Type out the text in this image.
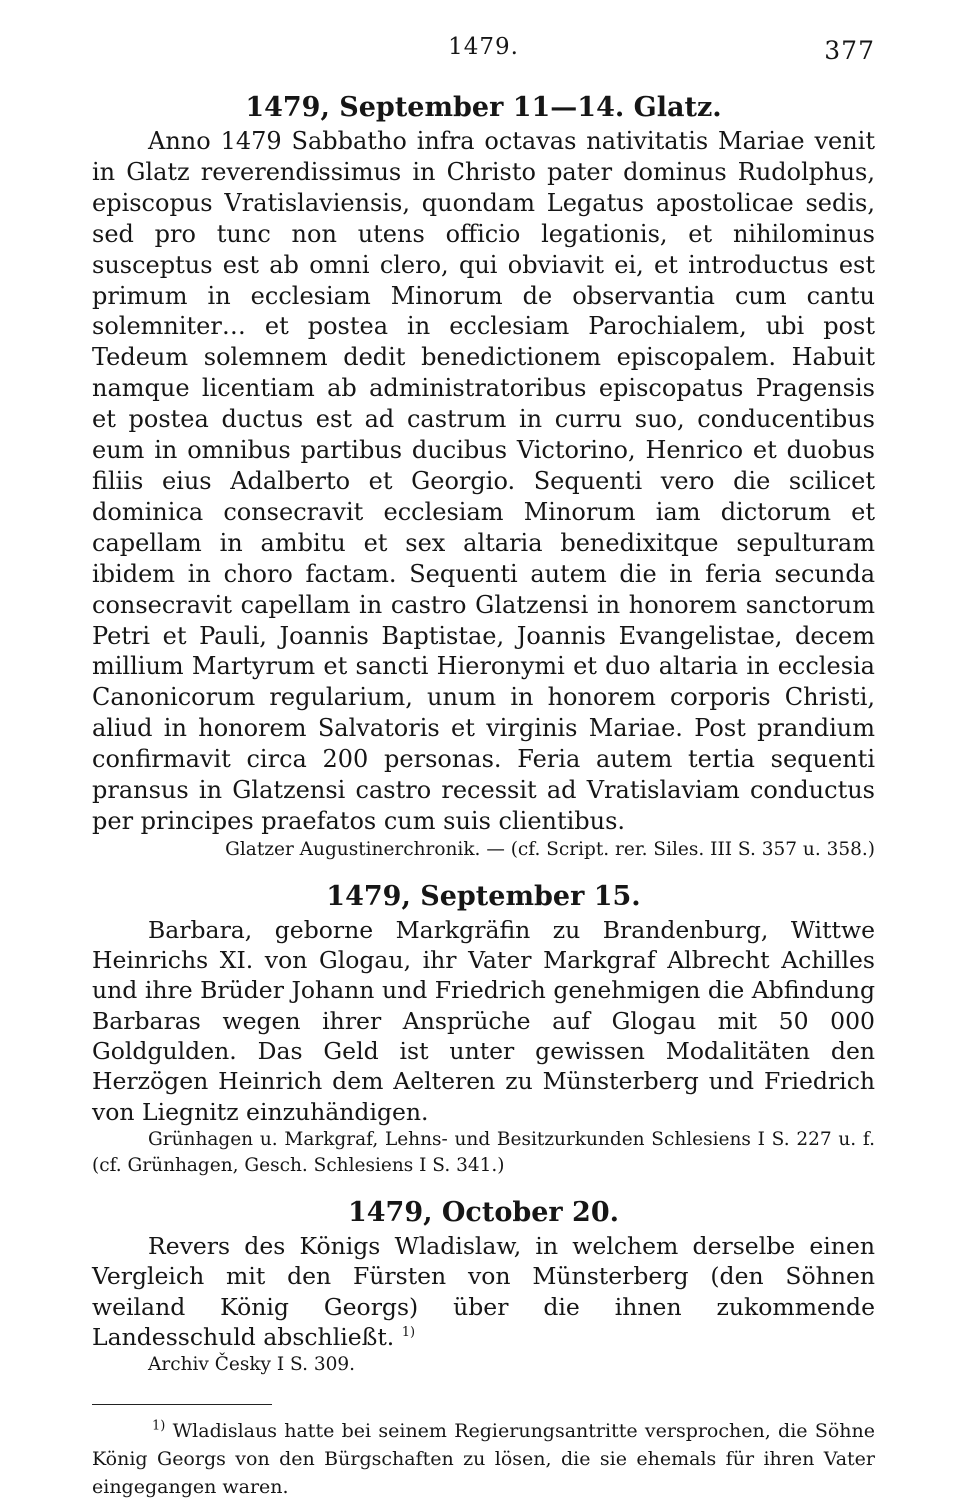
1479.	377
1479, September 11—14. Glatz.

Anno 1479 Sabbatho infra octavas nativitatis Mariae venit in Glatz reverendissimus in Christo pater dominus Rudolphus, episcopus Vratislaviensis, quondam Legatus apostolicae sedis, sed pro tunc non utens officio legationis, et nihilominus susceptus est ab omni clero, qui obviavit ei, et introductus est primum in ecclesiam Minorum de observantia cum cantu solemniter… et postea in ecclesiam Parochialem, ubi post Tedeum solemnem dedit benedictionem episcopalem. Habuit namque licentiam ab administratoribus episcopatus Pragensis et postea ductus est ad castrum in curru suo, conducentibus eum in omnibus partibus ducibus Victorino, Henrico et duobus filiis eius Adalberto et Georgio. Sequenti vero die scilicet dominica consecravit ecclesiam Minorum iam dictorum et capellam in ambitu et sex altaria benedixitque sepulturam ibidem in choro factam. Sequenti autem die in feria secunda consecravit capellam in castro Glatzensi in honorem sanctorum Petri et Pauli, Joannis Baptistae, Joannis Evangelistae, decem millium Martyrum et sancti Hieronymi et duo altaria in ecclesia Canonicorum regularium, unum in honorem corporis Christi, aliud in honorem Salvatoris et virginis Mariae. Post prandium confirmavit circa 200 personas. Feria autem tertia sequenti pransus in Glatzensi castro recessit ad Vratislaviam conductus per principes praefatos cum suis clientibus.

Glatzer Augustinerchronik. — (cf. Script. rer. Siles. III S. 357 u. 358.)

1479, September 15.

Barbara, geborne Markgräfin zu Brandenburg, Wittwe Heinrichs XI. von Glogau, ihr Vater Markgraf Albrecht Achilles und ihre Brüder Johann und Friedrich genehmigen die Abfindung Barbaras wegen ihrer Ansprüche auf Glogau mit 50 000 Goldgulden. Das Geld ist unter gewissen Modalitäten den Herzögen Heinrich dem Aelteren zu Münsterberg und Friedrich von Liegnitz einzuhändigen.

Grünhagen u. Markgraf, Lehns- und Besitzurkunden Schlesiens I S. 227 u. f. (cf. Grünhagen, Gesch. Schlesiens I S. 341.)

1479, October 20.

Revers des Königs Wladislaw, in welchem derselbe einen Vergleich mit den Fürsten von Münsterberg (den Söhnen weiland König Georgs) über die ihnen zukommende Landesschuld abschließt. $^{1)}$

Archiv Česky I S. 309.

$^{1)}$ Wladislaus hatte bei seinem Regierungsantritte versprochen, die Söhne König Georgs von den Bürgschaften zu lösen, die sie ehemals für ihren Vater eingegangen waren.
